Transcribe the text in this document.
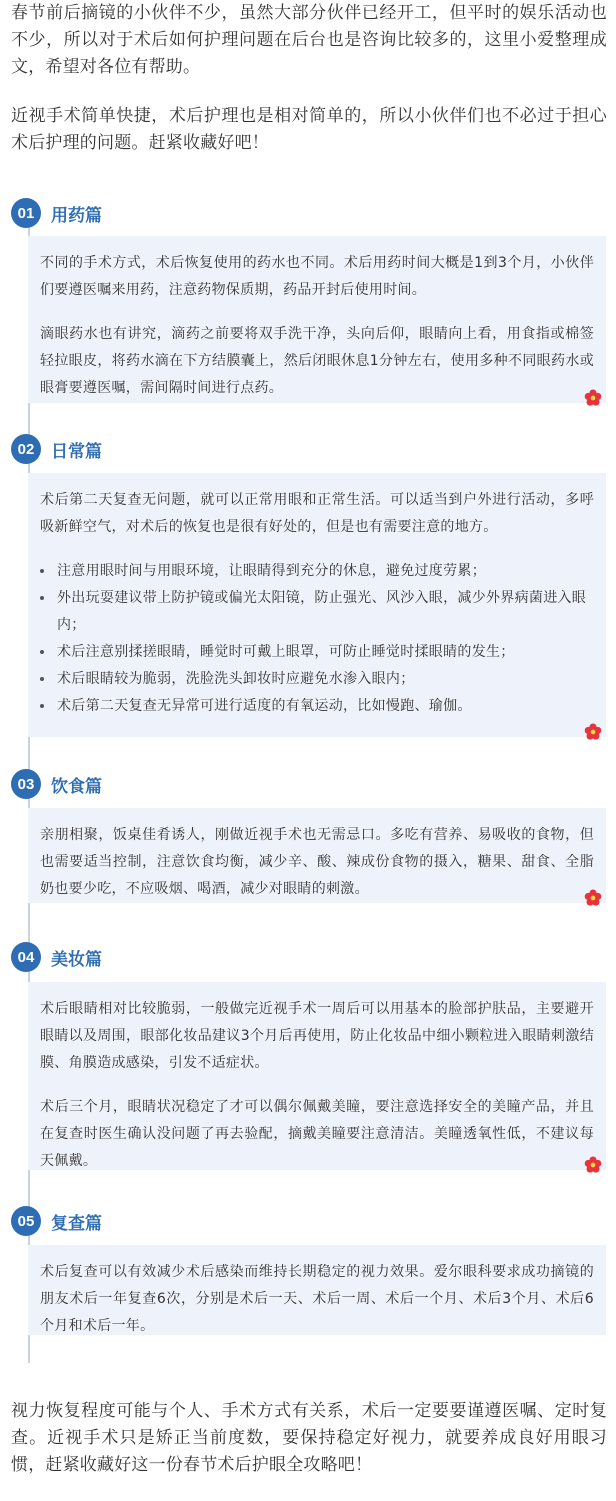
春节前后摘镜的小伙伴不少，虽然大部分伙伴已经开工，但平时的娱乐活动也不少，所以对于术后如何护理问题在后台也是咨询比较多的，这里小爱整理成文，希望对各位有帮助。

近视手术简单快捷，术后护理也是相对简单的，所以小伙伴们也不必过于担心术后护理的问题。赶紧收藏好吧！

01 用药篇

不同的手术方式，术后恢复使用的药水也不同。术后用药时间大概是1到3个月，小伙伴们要遵医嘱来用药，注意药物保质期，药品开封后使用时间。

滴眼药水也有讲究，滴药之前要将双手洗干净，头向后仰，眼睛向上看，用食指或棉签轻拉眼皮，将药水滴在下方结膜囊上，然后闭眼休息1分钟左右，使用多种不同眼药水或眼膏要遵医嘱，需间隔时间进行点药。

02 日常篇

术后第二天复查无问题，就可以正常用眼和正常生活。可以适当到户外进行活动，多呼吸新鲜空气，对术后的恢复也是很有好处的，但是也有需要注意的地方。

• 注意用眼时间与用眼环境，让眼睛得到充分的休息，避免过度劳累；
• 外出玩耍建议带上防护镜或偏光太阳镜，防止强光、风沙入眼，减少外界病菌进入眼内；
• 术后注意别揉搓眼睛，睡觉时可戴上眼罩，可防止睡觉时揉眼睛的发生；
• 术后眼睛较为脆弱，洗脸洗头卸妆时应避免水渗入眼内；
• 术后第二天复查无异常可进行适度的有氧运动，比如慢跑、瑜伽。
03 饮食篇

亲朋相聚，饭桌佳肴诱人，刚做近视手术也无需忌口。多吃有营养、易吸收的食物，但也需要适当控制，注意饮食均衡，减少辛、酸、辣成份食物的摄入，糖果、甜食、全脂奶也要少吃，不应吸烟、喝酒，减少对眼睛的刺激。

04 美妆篇

术后眼睛相对比较脆弱，一般做完近视手术一周后可以用基本的脸部护肤品，主要避开眼睛以及周围，眼部化妆品建议3个月后再使用，防止化妆品中细小颗粒进入眼睛刺激结膜、角膜造成感染，引发不适症状。

术后三个月，眼睛状况稳定了才可以偶尔佩戴美瞳，要注意选择安全的美瞳产品，并且在复查时医生确认没问题了再去验配，摘戴美瞳要注意清洁。美瞳透氧性低，不建议每天佩戴。

05 复查篇

术后复查可以有效减少术后感染而维持长期稳定的视力效果。爱尔眼科要求成功摘镜的朋友术后一年复查6次，分别是术后一天、术后一周、术后一个月、术后3个月、术后6个月和术后一年。

视力恢复程度可能与个人、手术方式有关系，术后一定要要谨遵医嘱、定时复查。近视手术只是矫正当前度数，要保持稳定好视力，就要养成良好用眼习惯，赶紧收藏好这一份春节术后护眼全攻略吧！
